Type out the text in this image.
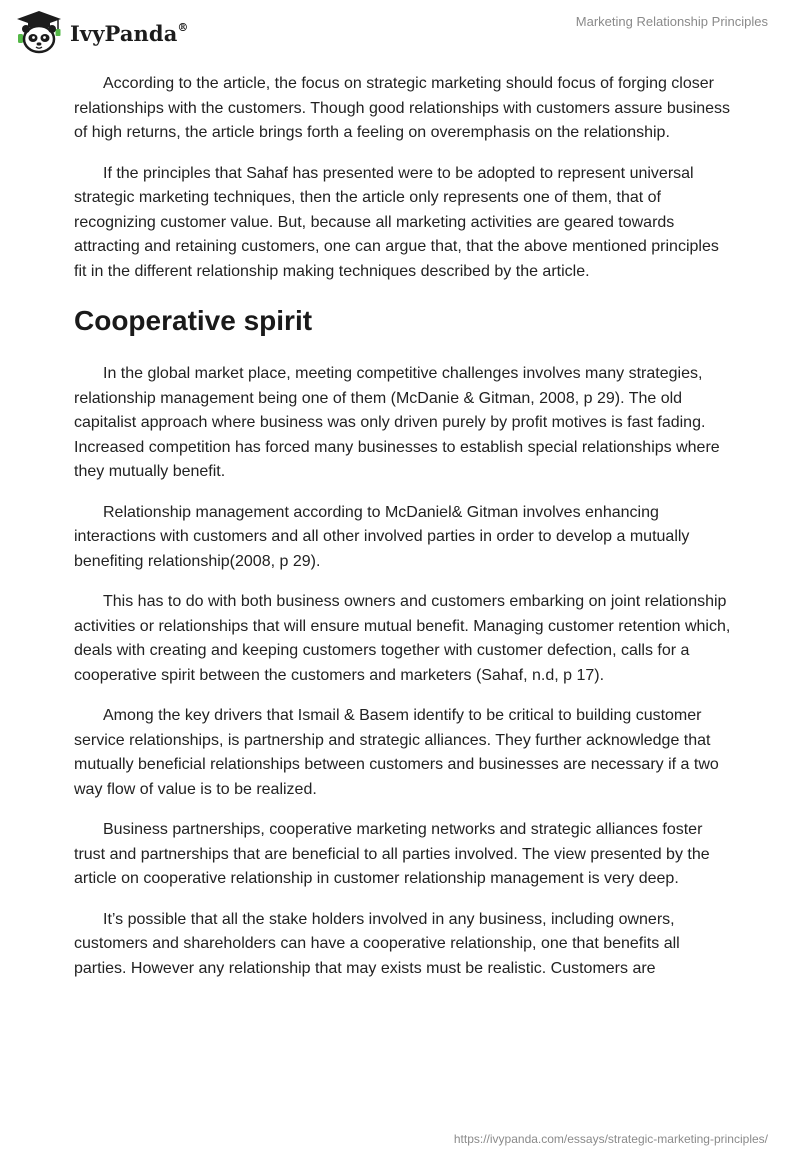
IvyPanda®	Marketing Relationship Principles

According to the article, the focus on strategic marketing should focus of forging closer relationships with the customers. Though good relationships with customers assure business of high returns, the article brings forth a feeling on overemphasis on the relationship.

If the principles that Sahaf has presented were to be adopted to represent universal strategic marketing techniques, then the article only represents one of them, that of recognizing customer value. But, because all marketing activities are geared towards attracting and retaining customers, one can argue that, that the above mentioned principles fit in the different relationship making techniques described by the article.

Cooperative spirit

In the global market place, meeting competitive challenges involves many strategies, relationship management being one of them (McDanie & Gitman, 2008, p 29). The old capitalist approach where business was only driven purely by profit motives is fast fading. Increased competition has forced many businesses to establish special relationships where they mutually benefit.

Relationship management according to McDaniel& Gitman involves enhancing interactions with customers and all other involved parties in order to develop a mutually benefiting relationship(2008, p 29).

This has to do with both business owners and customers embarking on joint relationship activities or relationships that will ensure mutual benefit. Managing customer retention which, deals with creating and keeping customers together with customer defection, calls for a cooperative spirit between the customers and marketers (Sahaf, n.d, p 17).

Among the key drivers that Ismail & Basem identify to be critical to building customer service relationships, is partnership and strategic alliances. They further acknowledge that mutually beneficial relationships between customers and businesses are necessary if a two way flow of value is to be realized.

Business partnerships, cooperative marketing networks and strategic alliances foster trust and partnerships that are beneficial to all parties involved. The view presented by the article on cooperative relationship in customer relationship management is very deep.

It’s possible that all the stake holders involved in any business, including owners, customers and shareholders can have a cooperative relationship, one that benefits all parties. However any relationship that may exists must be realistic. Customers are

https://ivypanda.com/essays/strategic-marketing-principles/
